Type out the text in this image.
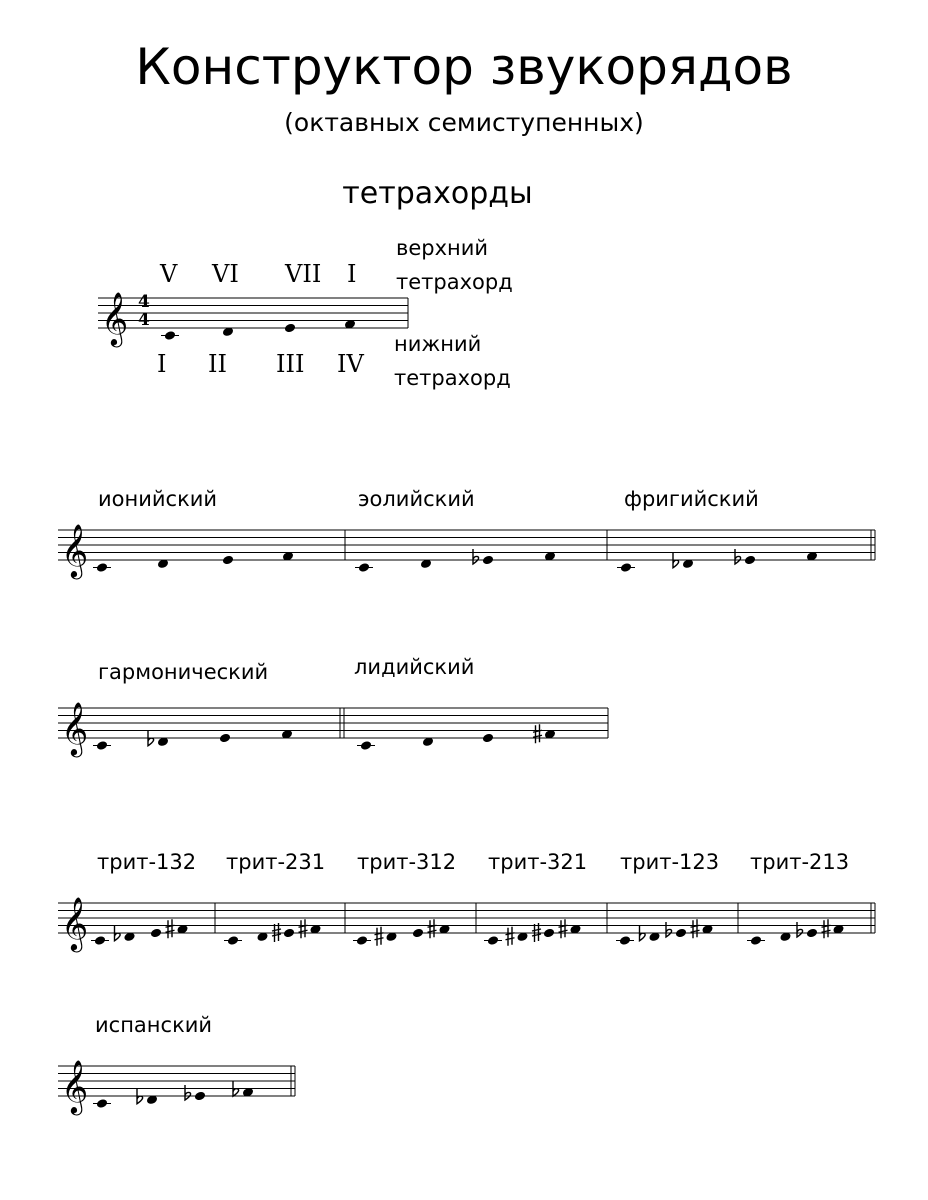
Конструктор звукорядов
(октавных семиступенных)
тетрахорды
V VI VII I
I II III IV
верхний
тетрахорд
нижний
тетрахорд
ионийский	эолийский	фригийский
гармонический	лидийский
трит-132 трит-231 трит-312 трит-321 трит-123 трит-213
испанский
4
4
𝄞
𝄞
𝄞
𝄞
𝄞
